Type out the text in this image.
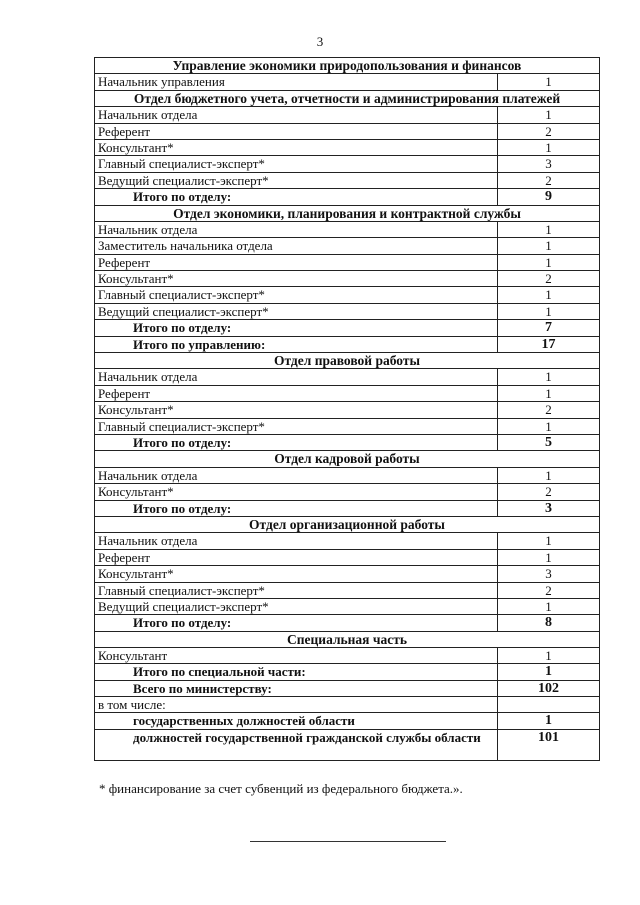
3
Управление экономики природопользования и финансов	
Начальник управления	1
Отдел бюджетного учета, отчетности и администрирования платежей	
Начальник отдела	1
Референт	2
Консультант*	1
Главный специалист-эксперт*	3
Ведущий специалист-эксперт*	2
Итого по отделу:	9
Отдел экономики, планирования и контрактной службы	
Начальник отдела	1
Заместитель начальника отдела	1
Референт	1
Консультант*	2
Главный специалист-эксперт*	1
Ведущий специалист-эксперт*	1
Итого по отделу:	7
Итого по управлению:	17
Отдел правовой работы	
Начальник отдела	1
Референт	1
Консультант*	2
Главный специалист-эксперт*	1
Итого по отделу:	5
Отдел кадровой работы	
Начальник отдела	1
Консультант*	2
Итого по отделу:	3
Отдел организационной работы	
Начальник отдела	1
Референт	1
Консультант*	3
Главный специалист-эксперт*	2
Ведущий специалист-эксперт*	1
Итого по отделу:	8
Специальная часть	
Консультант	1
Итого по специальной части:	1
Всего по министерству:	102
в том числе:	
государственных должностей области	1
должностей государственной гражданской службы области	101
* финансирование за счет субвенций из федерального бюджета.».
